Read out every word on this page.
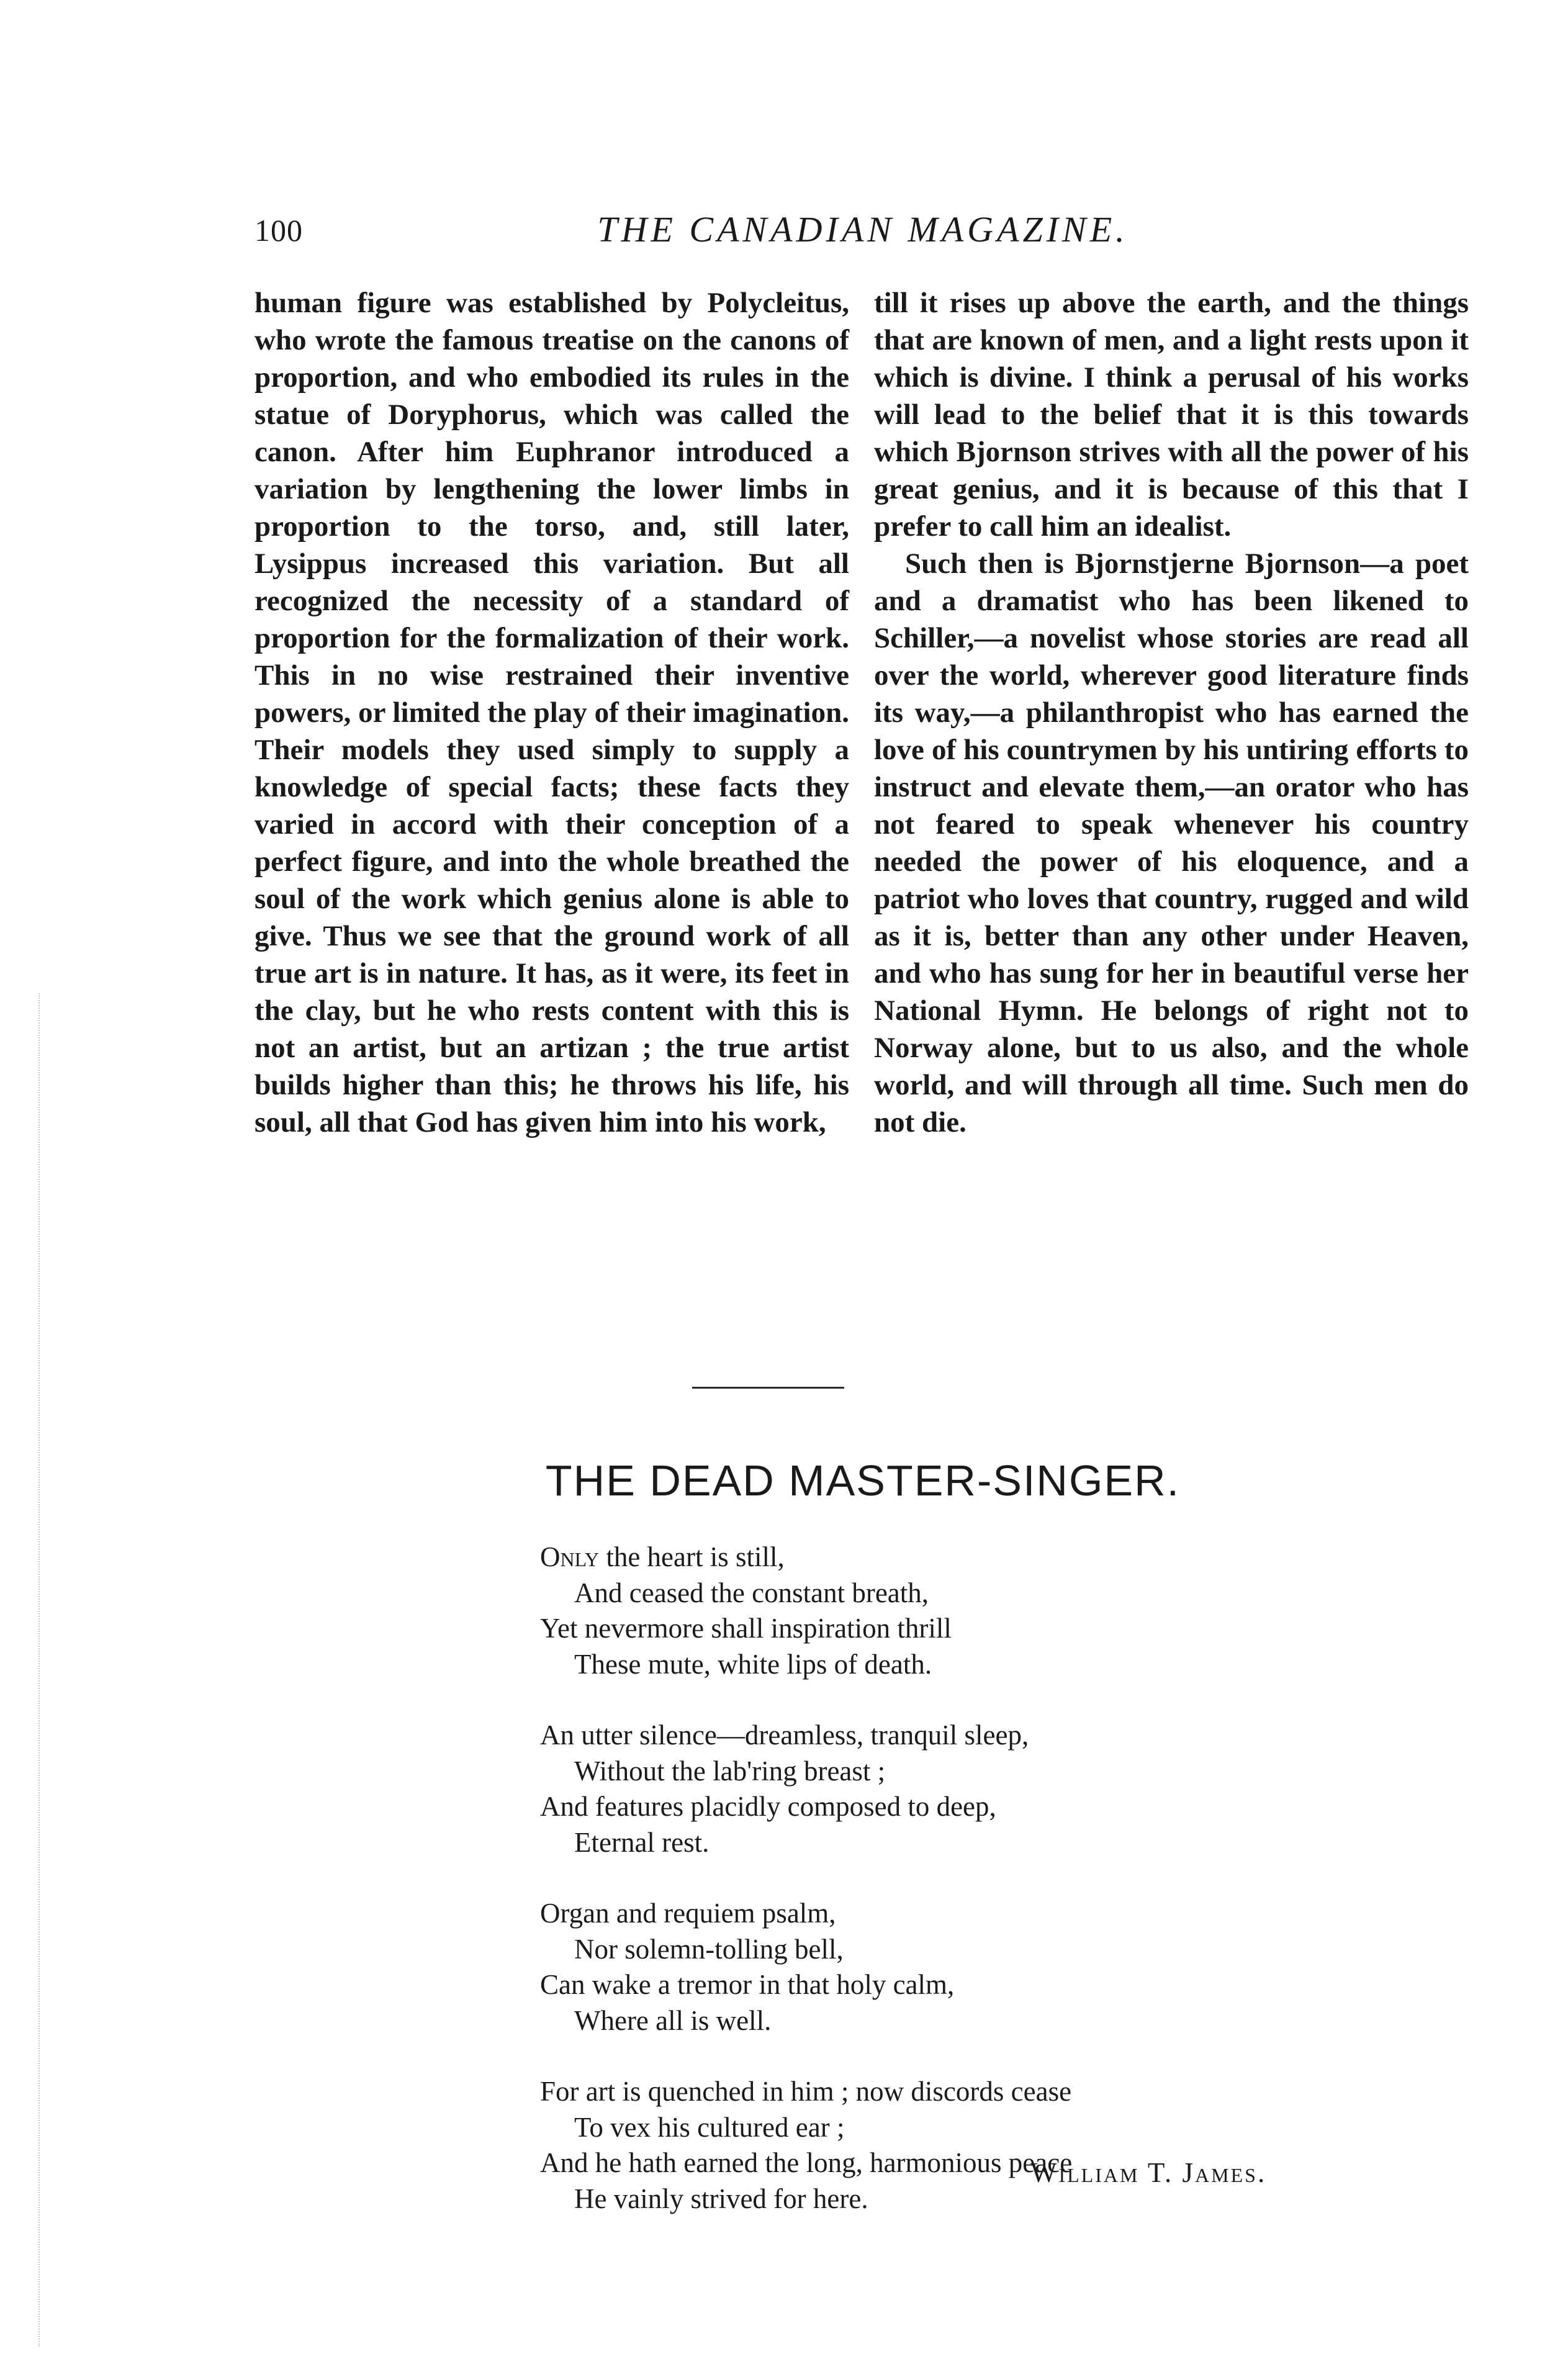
100	THE CANADIAN MAGAZINE.

human figure was established by Polycleitus, who wrote the famous treatise on the canons of proportion, and who embodied its rules in the statue of Doryphorus, which was called the canon. After him Euphranor introduced a variation by lengthening the lower limbs in proportion to the torso, and, still later, Lysippus increased this variation. But all recognized the necessity of a standard of proportion for the formalization of their work. This in no wise restrained their inventive powers, or limited the play of their imagination. Their models they used simply to supply a knowledge of special facts; these facts they varied in accord with their conception of a perfect figure, and into the whole breathed the soul of the work which genius alone is able to give. Thus we see that the ground work of all true art is in nature. It has, as it were, its feet in the clay, but he who rests content with this is not an artist, but an artizan ; the true artist builds higher than this; he throws his life, his soul, all that God has given him into his work,

till it rises up above the earth, and the things that are known of men, and a light rests upon it which is divine. I think a perusal of his works will lead to the belief that it is this towards which Bjornson strives with all the power of his great genius, and it is because of this that I prefer to call him an idealist.

Such then is Bjornstjerne Bjornson—a poet and a dramatist who has been likened to Schiller,—a novelist whose stories are read all over the world, wherever good literature finds its way,—a philanthropist who has earned the love of his countrymen by his untiring efforts to instruct and elevate them,—an orator who has not feared to speak whenever his country needed the power of his eloquence, and a patriot who loves that country, rugged and wild as it is, better than any other under Heaven, and who has sung for her in beautiful verse her National Hymn. He belongs of right not to Norway alone, but to us also, and the whole world, and will through all time. Such men do not die.

THE DEAD MASTER-SINGER.
Only the heart is still,
And ceased the constant breath,
Yet nevermore shall inspiration thrill
These mute, white lips of death.
An utter silence—dreamless, tranquil sleep,
Without the lab'ring breast ;
And features placidly composed to deep,
Eternal rest.
Organ and requiem psalm,
Nor solemn-tolling bell,
Can wake a tremor in that holy calm,
Where all is well.
For art is quenched in him ; now discords cease
To vex his cultured ear ;
And he hath earned the long, harmonious peace
He vainly strived for here.
William T. James.
